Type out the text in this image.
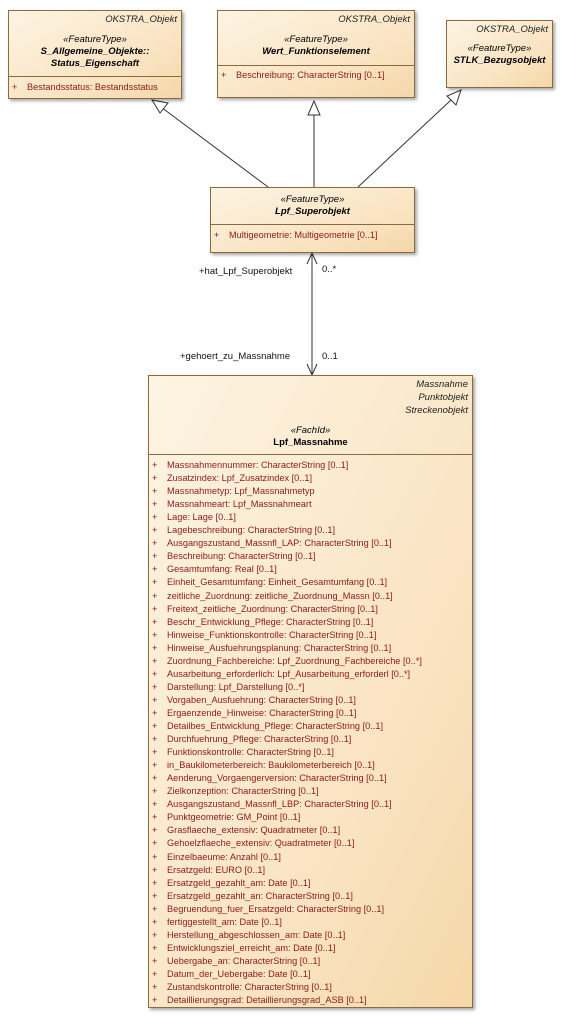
OKSTRA_Objekt
«FeatureType»
S_Allgemeine_Objekte::
Status_Eigenschaft
+ Bestandsstatus: Bestandsstatus
OKSTRA_Objekt
«FeatureType»
Wert_Funktionselement
+ Beschreibung: CharacterString [0..1]
OKSTRA_Objekt
«FeatureType»
STLK_Bezugsobjekt
«FeatureType»
Lpf_Superobjekt
+ Multigeometrie: Multigeometrie [0..1]
+hat_Lpf_Superobjekt	0..*
+gehoert_zu_Massnahme	0..1
Massnahme
Punktobjekt
Streckenobjekt
«FachId»
Lpf_Massnahme
+ Massnahmennummer: CharacterString [0..1]
+ Zusatzindex: Lpf_Zusatzindex [0..1]
+ Massnahmetyp: Lpf_Massnahmetyp
+ Massnahmeart: Lpf_Massnahmeart
+ Lage: Lage [0..1]
+ Lagebeschreibung: CharacterString [0..1]
+ Ausgangszustand_Massnfl_LAP: CharacterString [0..1]
+ Beschreibung: CharacterString [0..1]
+ Gesamtumfang: Real [0..1]
+ Einheit_Gesamtumfang: Einheit_Gesamtumfang [0..1]
+ zeitliche_Zuordnung: zeitliche_Zuordnung_Massn [0..1]
+ Freitext_zeitliche_Zuordnung: CharacterString [0..1]
+ Beschr_Entwicklung_Pflege: CharacterString [0..1]
+ Hinweise_Funktionskontrolle: CharacterString [0..1]
+ Hinweise_Ausfuehrungsplanung: CharacterString [0..1]
+ Zuordnung_Fachbereiche: Lpf_Zuordnung_Fachbereiche [0..*]
+ Ausarbeitung_erforderlich: Lpf_Ausarbeitung_erforderl [0..*]
+ Darstellung: Lpf_Darstellung [0..*]
+ Vorgaben_Ausfuehrung: CharacterString [0..1]
+ Ergaenzende_Hinweise: CharacterString [0..1]
+ Detailbes_Entwicklung_Pflege: CharacterString [0..1]
+ Durchfuehrung_Pflege: CharacterString [0..1]
+ Funktionskontrolle: CharacterString [0..1]
+ in_Baukilometerbereich: Baukilometerbereich [0..1]
+ Aenderung_Vorgaengerversion: CharacterString [0..1]
+ Zielkonzeption: CharacterString [0..1]
+ Ausgangszustand_Massnfl_LBP: CharacterString [0..1]
+ Punktgeometrie: GM_Point [0..1]
+ Grasflaeche_extensiv: Quadratmeter [0..1]
+ Gehoelzflaeche_extensiv: Quadratmeter [0..1]
+ Einzelbaeume: Anzahl [0..1]
+ Ersatzgeld: EURO [0..1]
+ Ersatzgeld_gezahlt_am: Date [0..1]
+ Ersatzgeld_gezahlt_an: CharacterString [0..1]
+ Begruendung_fuer_Ersatzgeld: CharacterString [0..1]
+ fertiggestellt_am: Date [0..1]
+ Herstellung_abgeschlossen_am: Date [0..1]
+ Entwicklungsziel_erreicht_am: Date [0..1]
+ Uebergabe_an: CharacterString [0..1]
+ Datum_der_Uebergabe: Date [0..1]
+ Zustandskontrolle: CharacterString [0..1]
+ Detaillierungsgrad: Detaillierungsgrad_ASB [0..1]
